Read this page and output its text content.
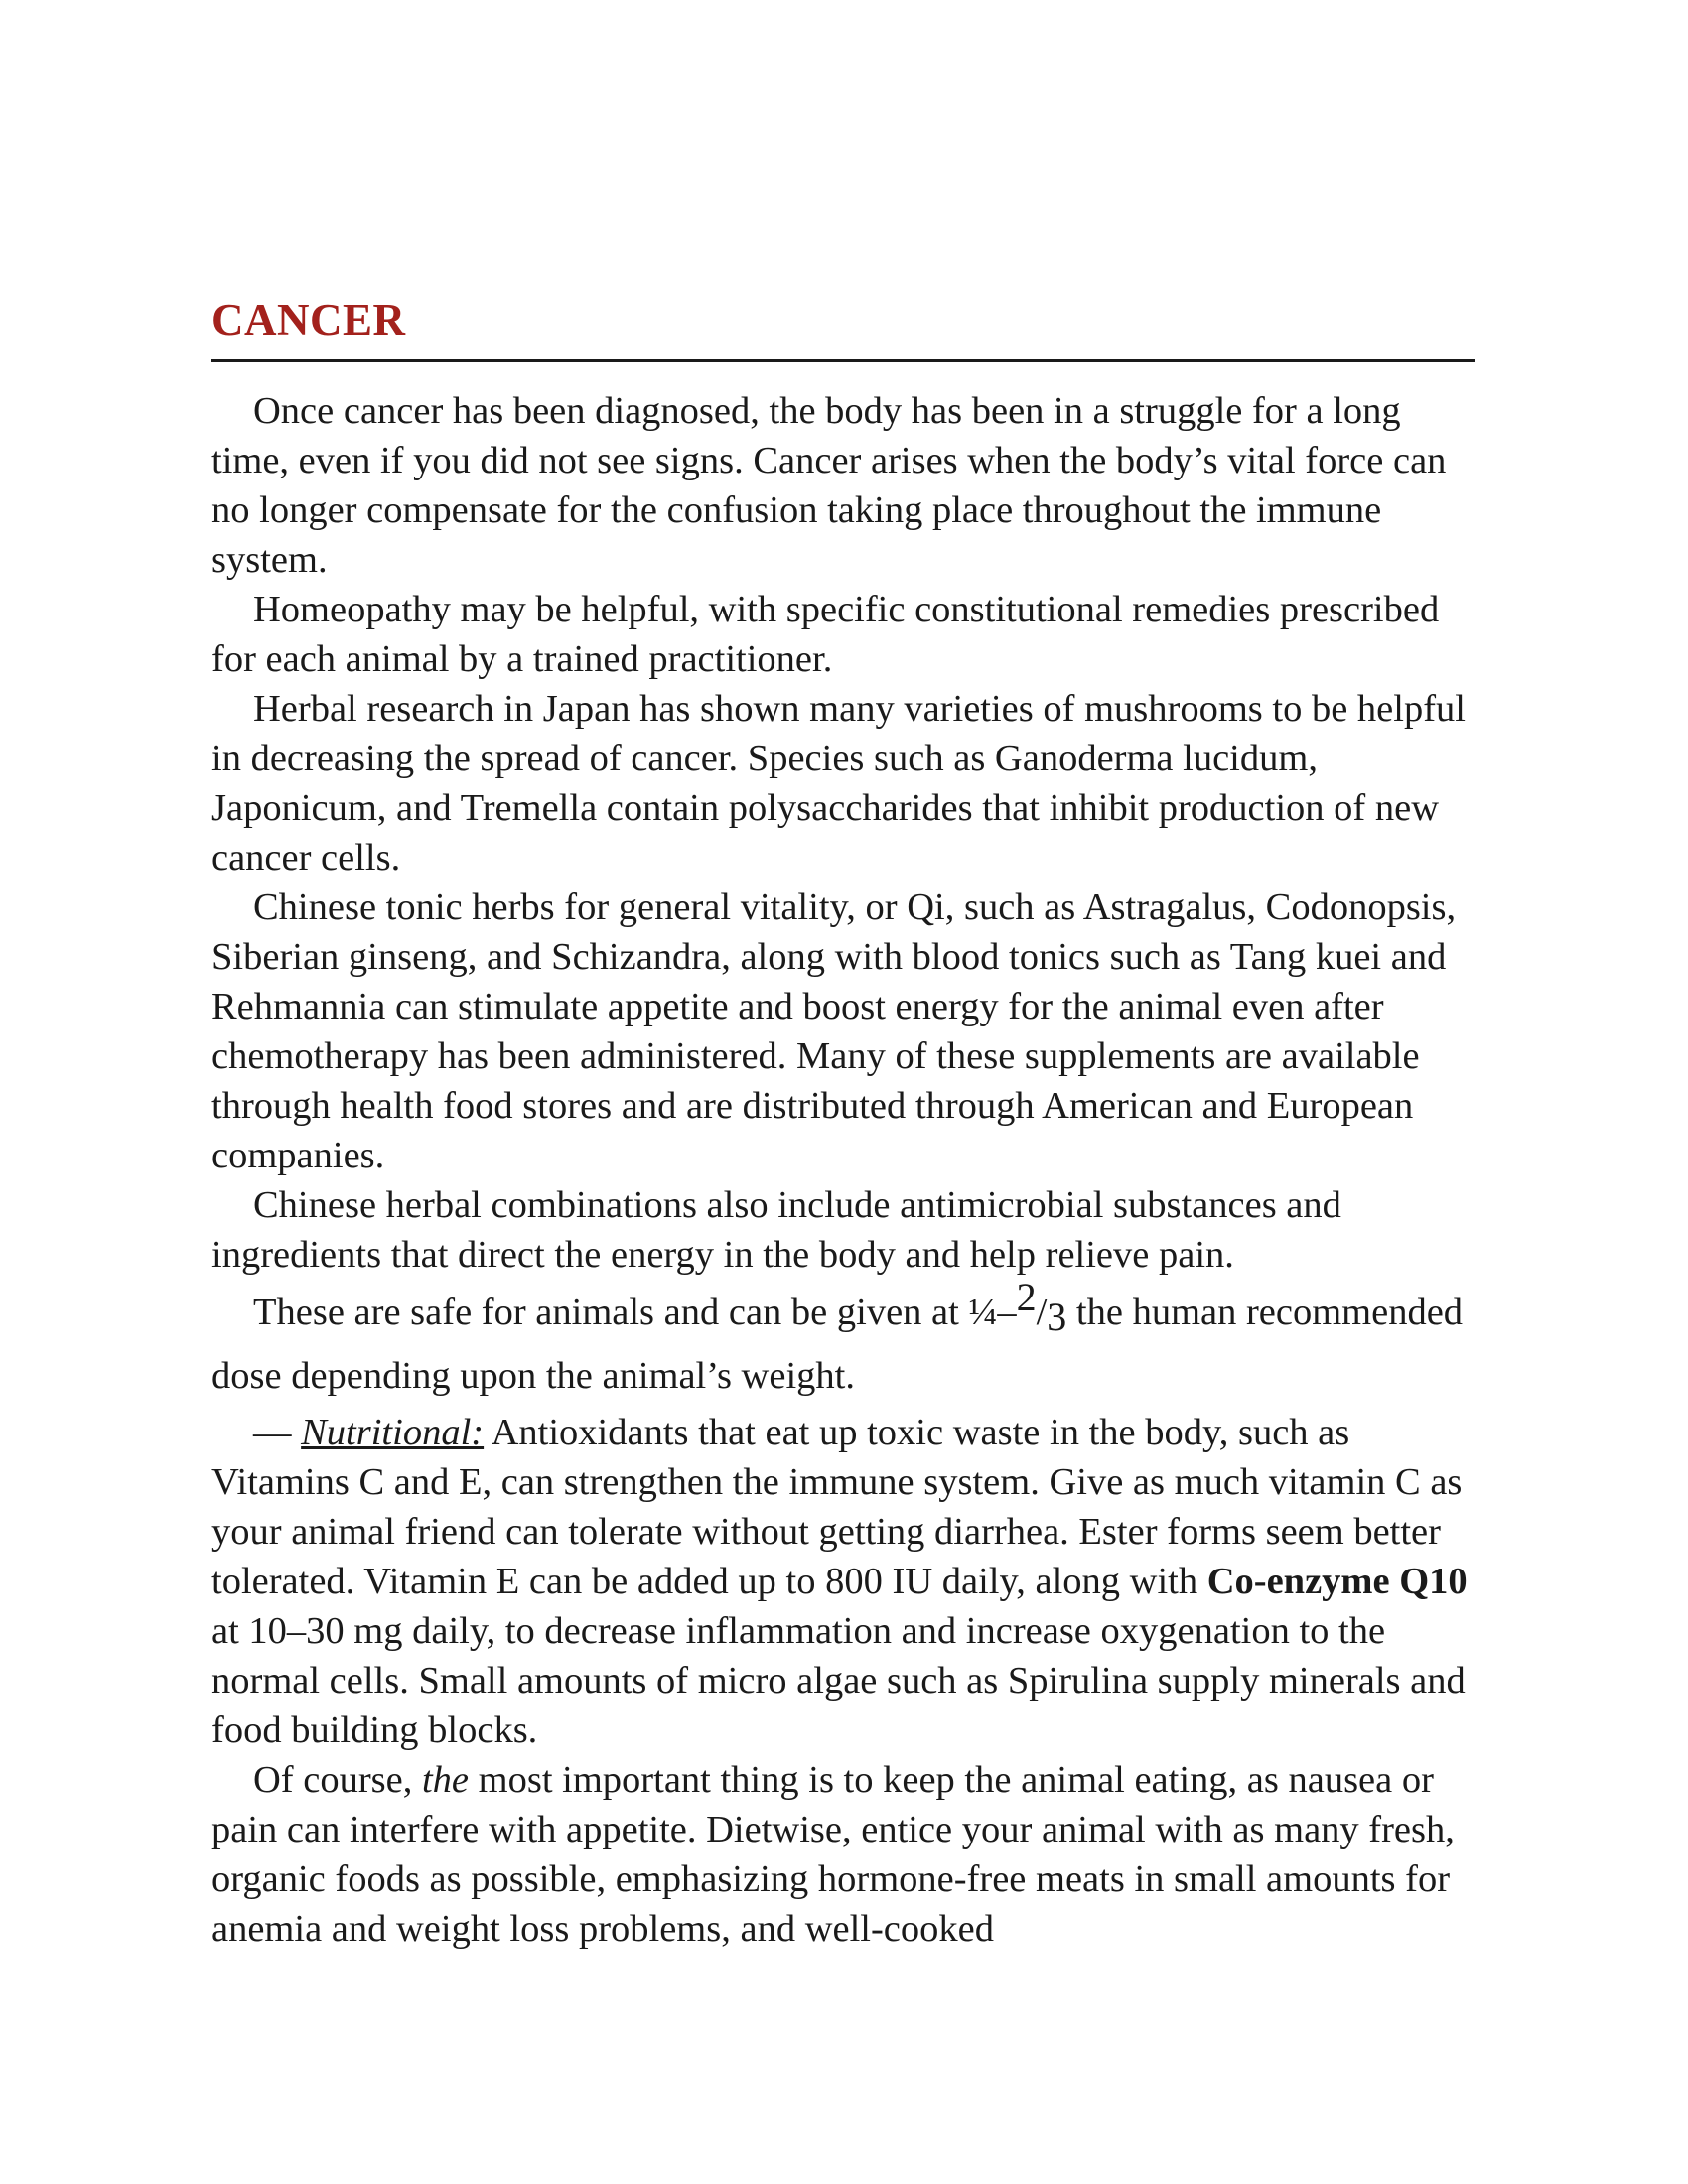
CANCER

Once cancer has been diagnosed, the body has been in a struggle for a long time, even if you did not see signs. Cancer arises when the body’s vital force can no longer compensate for the confusion taking place throughout the immune system.

Homeopathy may be helpful, with specific constitutional remedies prescribed for each animal by a trained practitioner.

Herbal research in Japan has shown many varieties of mushrooms to be helpful in decreasing the spread of cancer. Species such as Ganoderma lucidum, Japonicum, and Tremella contain polysaccharides that inhibit production of new cancer cells.

Chinese tonic herbs for general vitality, or Qi, such as Astragalus, Codonopsis, Siberian ginseng, and Schizandra, along with blood tonics such as Tang kuei and Rehmannia can stimulate appetite and boost energy for the animal even after chemotherapy has been administered. Many of these supplements are available through health food stores and are distributed through American and European companies.

Chinese herbal combinations also include antimicrobial substances and ingredients that direct the energy in the body and help relieve pain.

These are safe for animals and can be given at ¼–2/3 the human recommended dose depending upon the animal’s weight.

— Nutritional: Antioxidants that eat up toxic waste in the body, such as Vitamins C and E, can strengthen the immune system. Give as much vitamin C as your animal friend can tolerate without getting diarrhea. Ester forms seem better tolerated. Vitamin E can be added up to 800 IU daily, along with Co-enzyme Q10 at 10–30 mg daily, to decrease inflammation and increase oxygenation to the normal cells. Small amounts of micro algae such as Spirulina supply minerals and food building blocks.

Of course, the most important thing is to keep the animal eating, as nausea or pain can interfere with appetite. Dietwise, entice your animal with as many fresh, organic foods as possible, emphasizing hormone-free meats in small amounts for anemia and weight loss problems, and well-cooked
